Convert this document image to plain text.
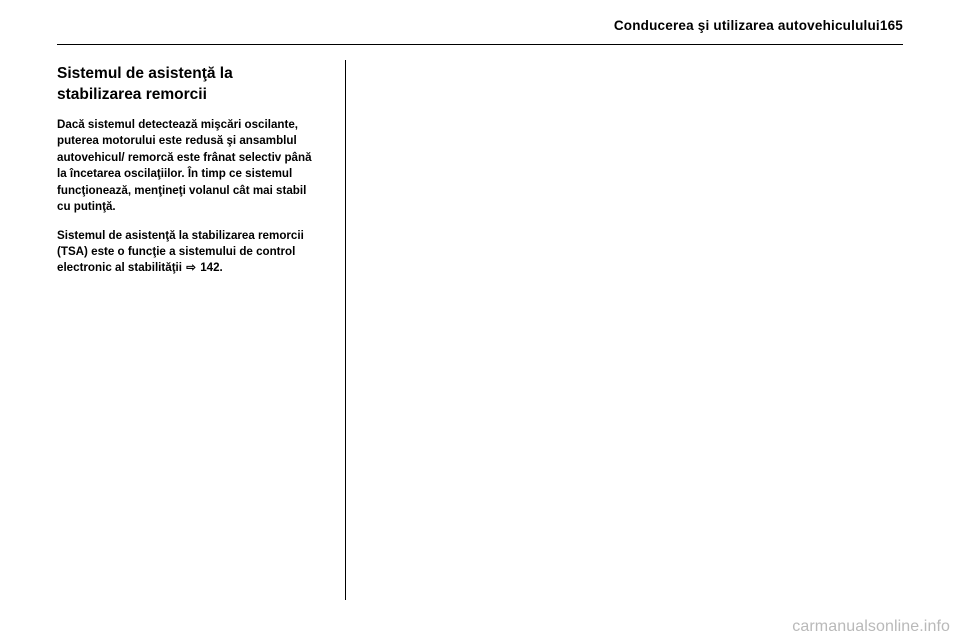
Conducerea şi utilizarea autovehiculului165
Sistemul de asistenţă la stabilizarea remorcii

Dacă sistemul detectează mişcări oscilante, puterea motorului este redusă şi ansamblul autovehicul/ remorcă este frânat selectiv până la încetarea oscilaţiilor. În timp ce sistemul funcţionează, menţineţi volanul cât mai stabil cu putinţă.

Sistemul de asistenţă la stabilizarea remorcii (TSA) este o funcţie a sistemului de control electronic al stabilităţii ⇨ 142.

carmanualsonline.info
